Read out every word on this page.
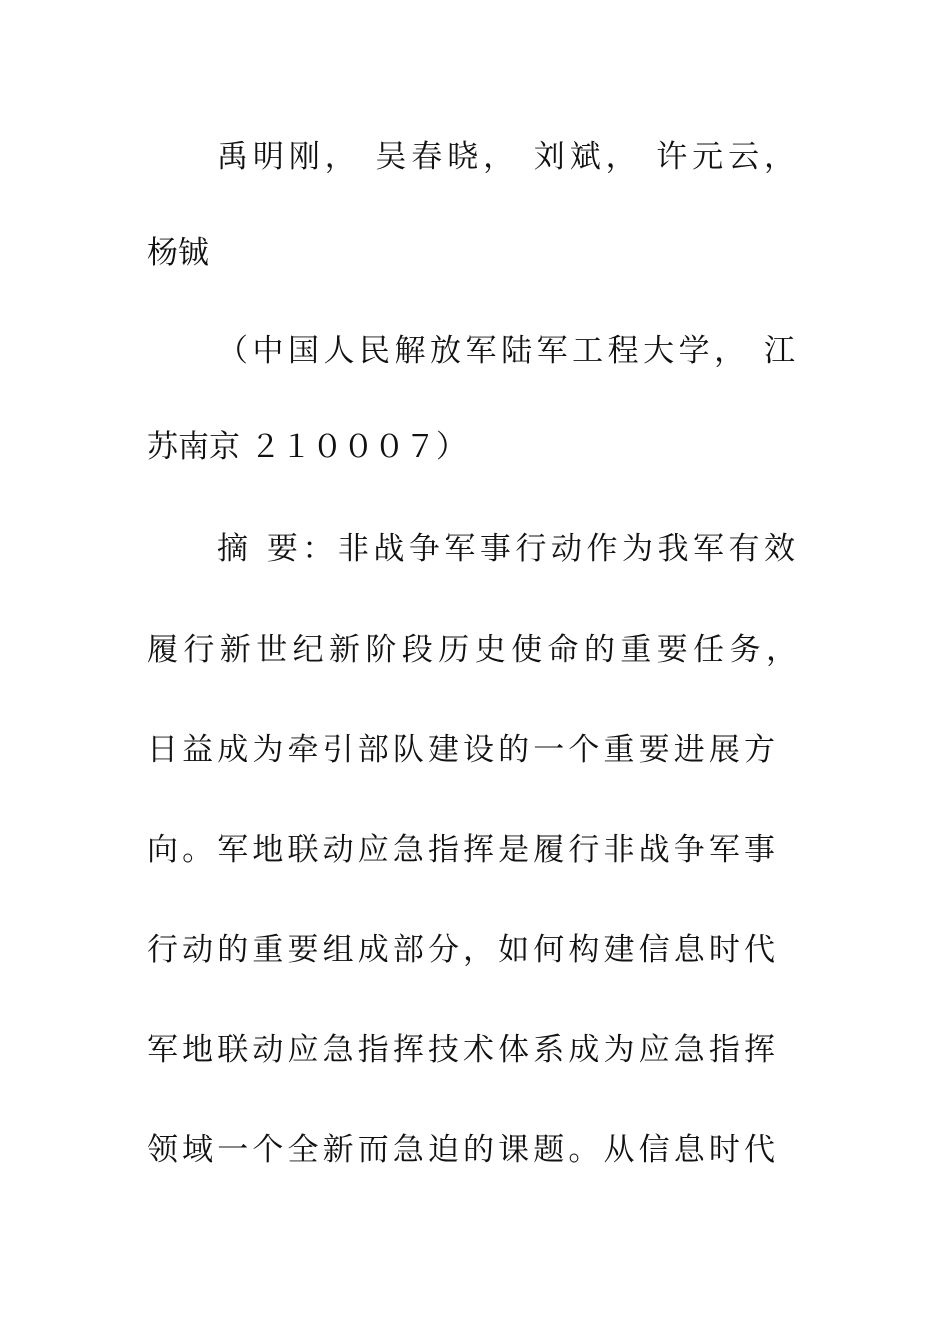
禹明刚， 吴春晓， 刘斌， 许元云，
杨铖
（中国人民解放军陆军工程大学， 江
苏南京 ２１０００７）
摘 要：非战争军事行动作为我军有效
履行新世纪新阶段历史使命的重要任务，
日益成为牵引部队建设的一个重要进展方
向。军地联动应急指挥是履行非战争军事
行动的重要组成部分，如何构建信息时代
军地联动应急指挥技术体系成为应急指挥
领域一个全新而急迫的课题。从信息时代
